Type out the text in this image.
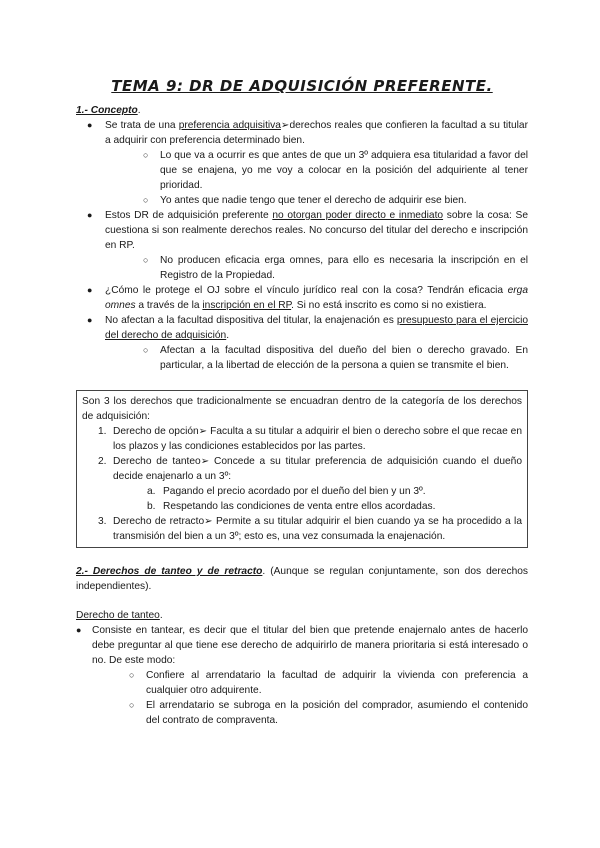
TEMA 9: DR DE ADQUISICIÓN PREFERENTE.

1.- Concepto.

● Se trata de una preferencia adquisitiva➢derechos reales que confieren la facultad a su titular a adquirir con preferencia determinado bien.
○ Lo que va a ocurrir es que antes de que un 3º adquiera esa titularidad a favor del que se enajena, yo me voy a colocar en la posición del adquiriente al tener prioridad.
○ Yo antes que nadie tengo que tener el derecho de adquirir ese bien.
● Estos DR de adquisición preferente no otorgan poder directo e inmediato sobre la cosa: Se cuestiona si son realmente derechos reales. No concurso del titular del derecho e inscripción en RP.
○ No producen eficacia erga omnes, para ello es necesaria la inscripción en el Registro de la Propiedad.
● ¿Cómo le protege el OJ sobre el vínculo jurídico real con la cosa? Tendrán eficacia erga omnes a través de la inscripción en el RP. Si no está inscrito es como si no existiera.
● No afectan a la facultad dispositiva del titular, la enajenación es presupuesto para el ejercicio del derecho de adquisición.
○ Afectan a la facultad dispositiva del dueño del bien o derecho gravado. En particular, a la libertad de elección de la persona a quien se transmite el bien.

Son 3 los derechos que tradicionalmente se encuadran dentro de la categoría de los derechos de adquisición:

1. Derecho de opción➢ Faculta a su titular a adquirir el bien o derecho sobre el que recae en los plazos y las condiciones establecidos por las partes.
2. Derecho de tanteo➢ Concede a su titular preferencia de adquisición cuando el dueño decide enajenarlo a un 3º:
a. Pagando el precio acordado por el dueño del bien y un 3º.
b. Respetando las condiciones de venta entre ellos acordadas.
3. Derecho de retracto➢ Permite a su titular adquirir el bien cuando ya se ha procedido a la transmisión del bien a un 3º; esto es, una vez consumada la enajenación.

2.- Derechos de tanteo y de retracto. (Aunque se regulan conjuntamente, son dos derechos independientes).

Derecho de tanteo.

● Consiste en tantear, es decir que el titular del bien que pretende enajernalo antes de hacerlo debe preguntar al que tiene ese derecho de adquirirlo de manera prioritaria si está interesado o no. De este modo:
○ Confiere al arrendatario la facultad de adquirir la vivienda con preferencia a cualquier otro adquirente.
○ El arrendatario se subroga en la posición del comprador, asumiendo el contenido del contrato de compraventa.
